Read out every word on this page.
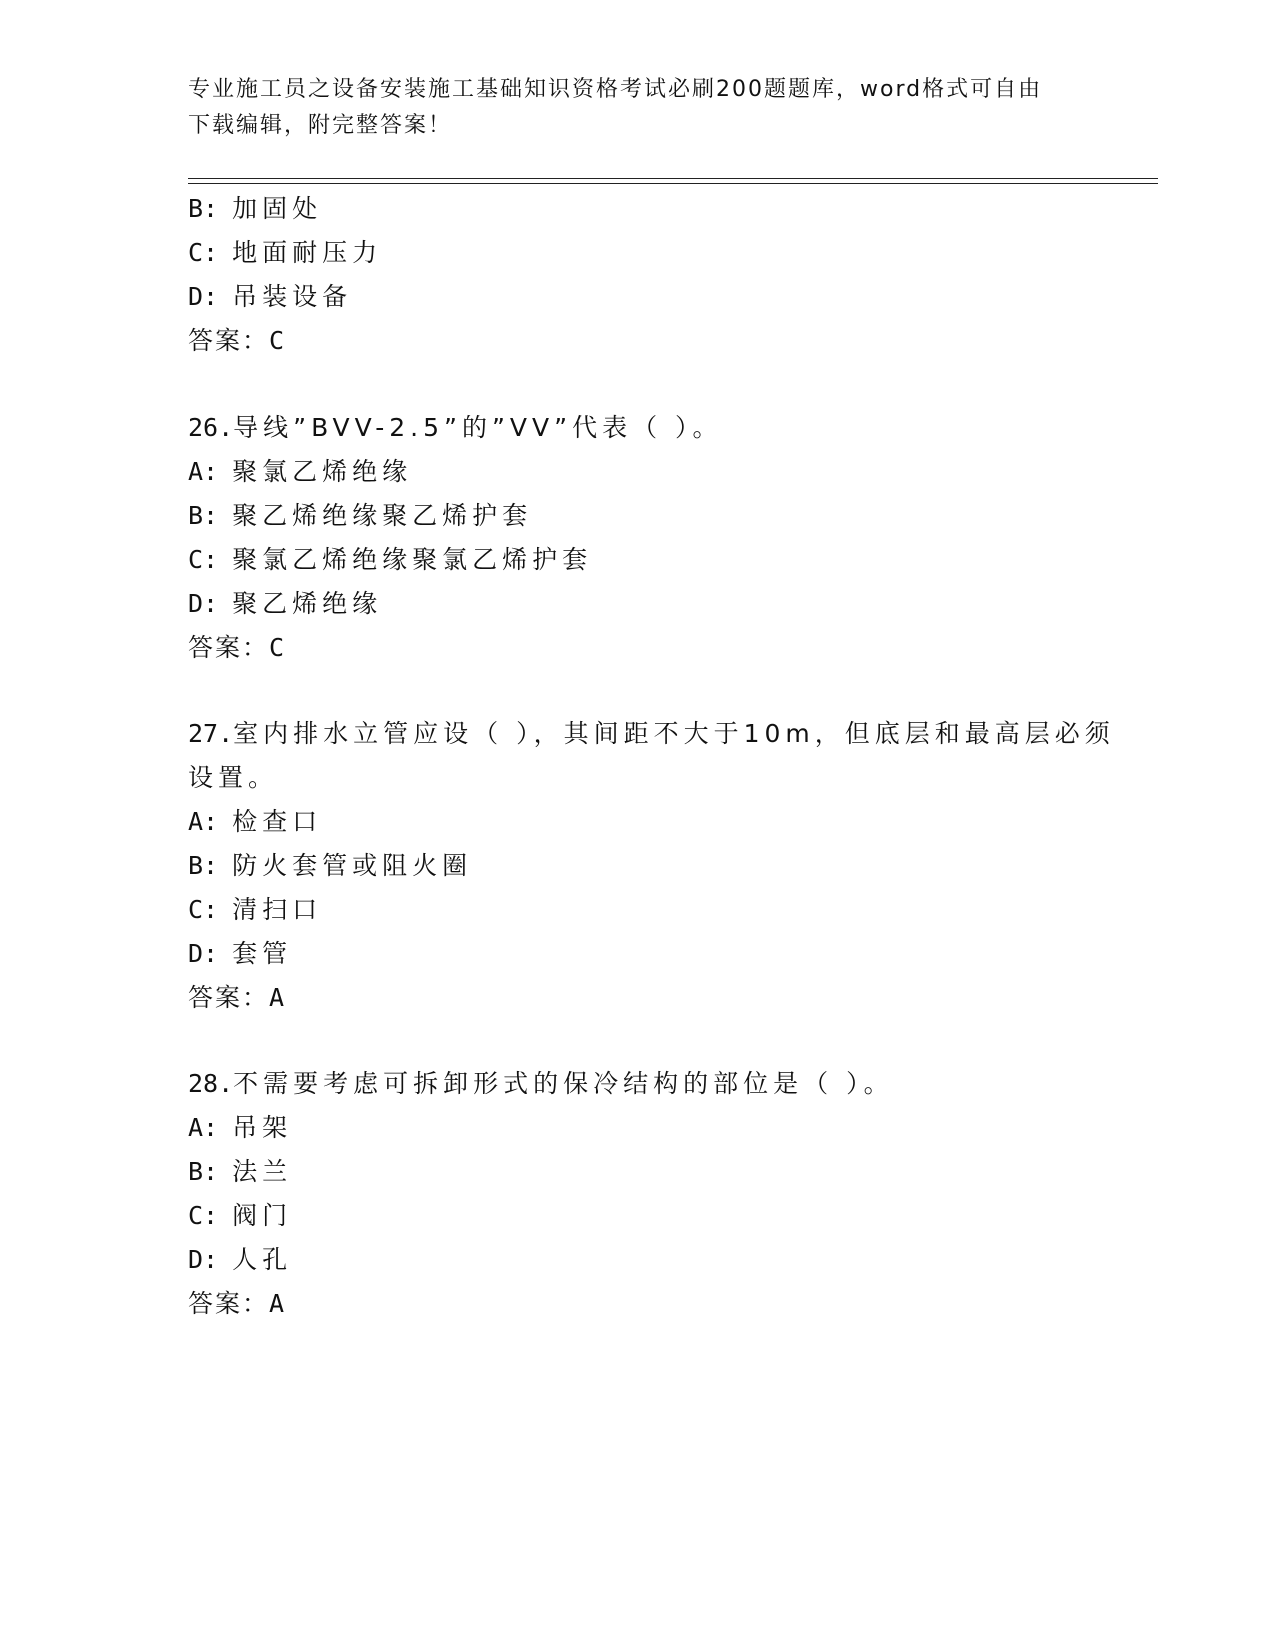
专业施工员之设备安装施工基础知识资格考试必刷200题题库，word格式可自由
下载编辑，附完整答案！
B: 加固处
C: 地面耐压力
D: 吊装设备
答案：C
26.导线”BVV-2.5”的”VV”代表（ ）。
A: 聚氯乙烯绝缘
B: 聚乙烯绝缘聚乙烯护套
C: 聚氯乙烯绝缘聚氯乙烯护套
D: 聚乙烯绝缘
答案：C
27.室内排水立管应设（ ），其间距不大于10m，但底层和最高层必须
设置。
A: 检查口
B: 防火套管或阻火圈
C: 清扫口
D: 套管
答案：A
28.不需要考虑可拆卸形式的保冷结构的部位是（ ）。
A: 吊架
B: 法兰
C: 阀门
D: 人孔
答案：A
